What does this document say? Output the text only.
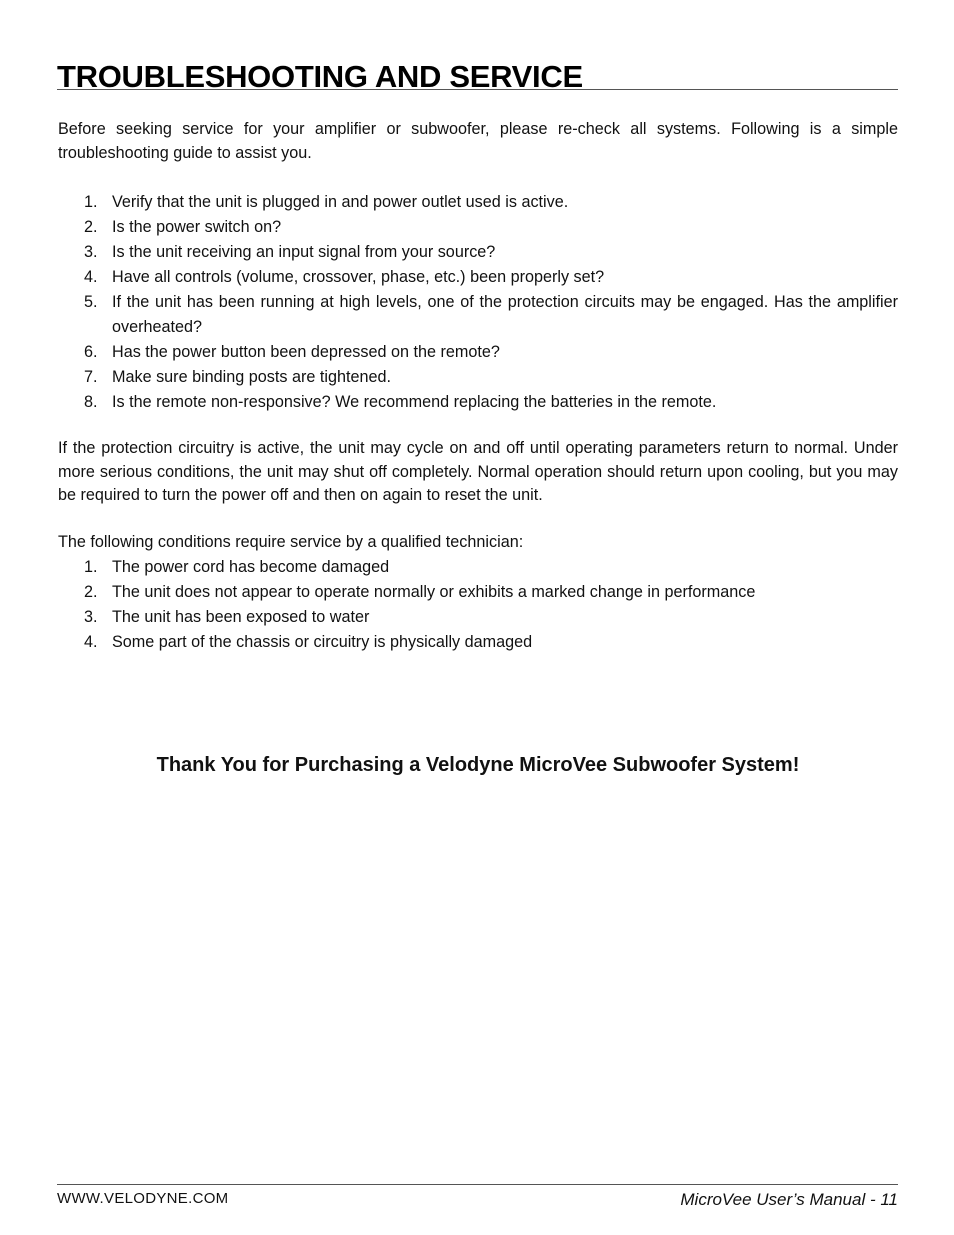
TROUBLESHOOTING AND SERVICE

Before seeking service for your amplifier or subwoofer, please re-check all systems. Following is a simple troubleshooting guide to assist you.

1. Verify that the unit is plugged in and power outlet used is active.
2. Is the power switch on?
3. Is the unit receiving an input signal from your source?
4. Have all controls (volume, crossover, phase, etc.) been properly set?
5. If the unit has been running at high levels, one of the protection circuits may be engaged. Has the amplifier overheated?
6. Has the power button been depressed on the remote?
7. Make sure binding posts are tightened.
8. Is the remote non-responsive? We recommend replacing the batteries in the remote.

If the protection circuitry is active, the unit may cycle on and off until operating parameters return to normal. Under more serious conditions, the unit may shut off completely. Normal operation should return upon cooling, but you may be required to turn the power off and then on again to reset the unit.

The following conditions require service by a qualified technician:

1. The power cord has become damaged
2. The unit does not appear to operate normally or exhibits a marked change in performance
3. The unit has been exposed to water
4. Some part of the chassis or circuitry is physically damaged

Thank You for Purchasing a Velodyne MicroVee Subwoofer System!

WWW.VELODYNE.COM	MicroVee User’s Manual - 11
